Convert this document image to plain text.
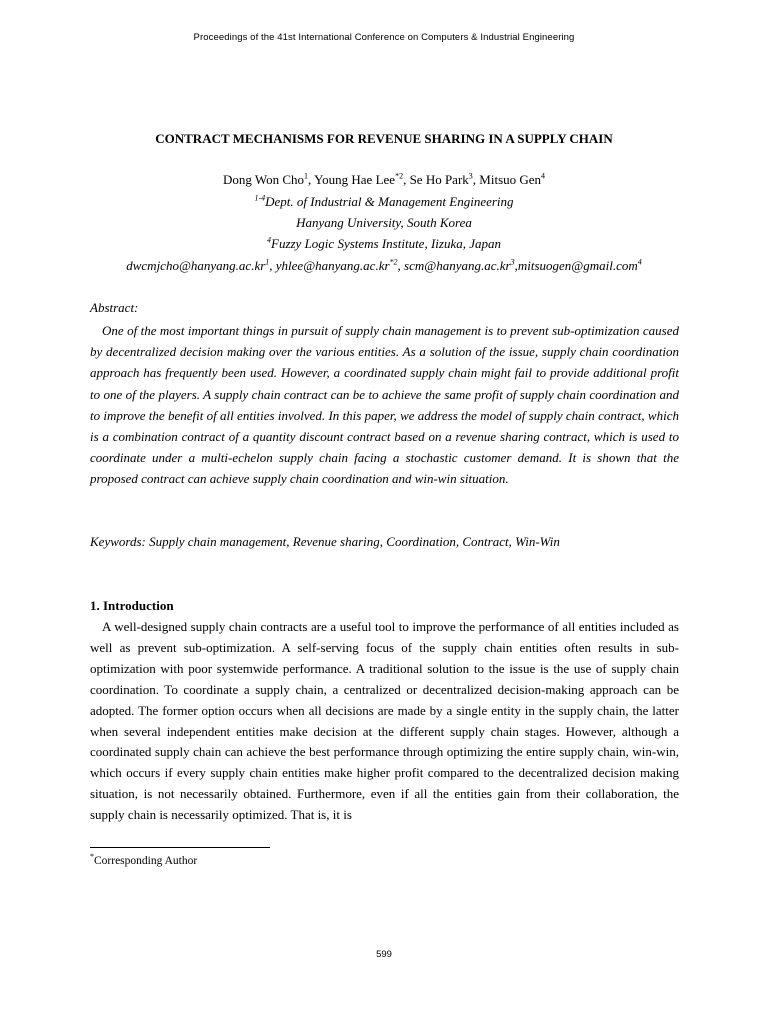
Proceedings of the 41st International Conference on Computers & Industrial Engineering
CONTRACT MECHANISMS FOR REVENUE SHARING IN A SUPPLY CHAIN
Dong Won Cho$^1$, Young Hae Lee$^{*2}$, Se Ho Park$^3$, Mitsuo Gen$^4$
$^{1-4}$Dept. of Industrial & Management Engineering
Hanyang University, South Korea
$^4$Fuzzy Logic Systems Institute, Iizuka, Japan
$dwcmjcho@hanyang.ac.kr^1$, $yhlee@hanyang.ac.kr^{*2}$, $scm@hanyang.ac.kr^3,mitsuogen@gmail.com^4$
Abstract:

One of the most important things in pursuit of supply chain management is to prevent sub-optimization caused by decentralized decision making over the various entities. As a solution of the issue, supply chain coordination approach has frequently been used. However, a coordinated supply chain might fail to provide additional profit to one of the players. A supply chain contract can be to achieve the same profit of supply chain coordination and to improve the benefit of all entities involved. In this paper, we address the model of supply chain contract, which is a combination contract of a quantity discount contract based on a revenue sharing contract, which is used to coordinate under a multi-echelon supply chain facing a stochastic customer demand. It is shown that the proposed contract can achieve supply chain coordination and win-win situation.

Keywords: Supply chain management, Revenue sharing, Coordination, Contract, Win-Win
1. Introduction

A well-designed supply chain contracts are a useful tool to improve the performance of all entities included as well as prevent sub-optimization. A self-serving focus of the supply chain entities often results in sub-optimization with poor systemwide performance. A traditional solution to the issue is the use of supply chain coordination. To coordinate a supply chain, a centralized or decentralized decision-making approach can be adopted. The former option occurs when all decisions are made by a single entity in the supply chain, the latter when several independent entities make decision at the different supply chain stages. However, although a coordinated supply chain can achieve the best performance through optimizing the entire supply chain, win-win, which occurs if every supply chain entities make higher profit compared to the decentralized decision making situation, is not necessarily obtained. Furthermore, even if all the entities gain from their collaboration, the supply chain is necessarily optimized. That is, it is

*Corresponding Author
599
